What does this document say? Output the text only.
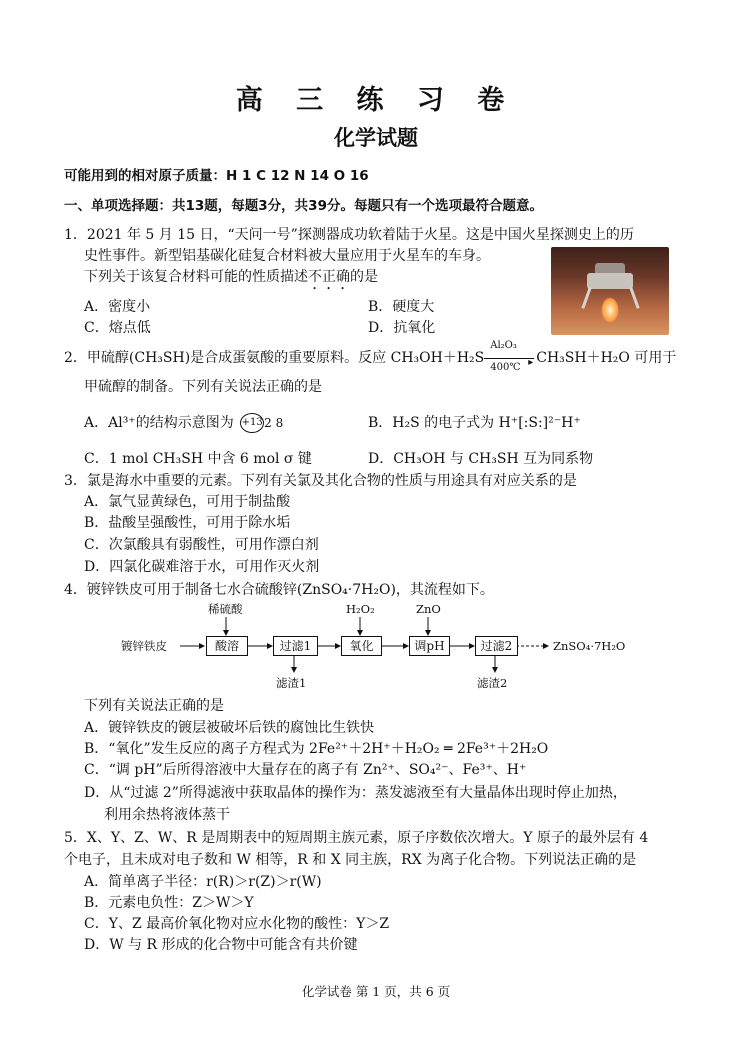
高 三 练 习 卷
化学试题
可能用到的相对原子质量：H 1 C 12 N 14 O 16
一、单项选择题：共13题，每题3分，共39分。每题只有一个选项最符合题意。
1．2021 年 5 月 15 日，“天问一号”探测器成功软着陆于火星。这是中国火星探测史上的历
史性事件。新型铝基碳化硅复合材料被大量应用于火星车的车身。
下列关于该复合材料可能的性质描述不正确的是
A．密度小	B．硬度大
C．熔点低	D．抗氧化
2．甲硫醇(CH₃SH)是合成蛋氨酸的重要原料。反应 CH₃OH＋H₂S
Al₂O₃
▸
400℃
CH₃SH＋H₂O 可用于
甲硫醇的制备。下列有关说法正确的是
A．Al³⁺的结构示意图为 +13 2 8	B．H₂S 的电子式为 H⁺[:S:]²⁻H⁺
C．1 mol CH₃SH 中含 6 mol σ 键	D．CH₃OH 与 CH₃SH 互为同系物
3．氯是海水中重要的元素。下列有关氯及其化合物的性质与用途具有对应关系的是
A．氯气显黄绿色，可用于制盐酸
B．盐酸呈强酸性，可用于除水垢
C．次氯酸具有弱酸性，可用作漂白剂
D．四氯化碳难溶于水，可用作灭火剂
4．镀锌铁皮可用于制备七水合硫酸锌(ZnSO₄·7H₂O)，其流程如下。
镀锌铁皮
稀硫酸	H₂O₂	ZnO
酸溶	过滤1	氧化	调pH	过滤2	ZnSO₄·7H₂O
滤渣1	滤渣2
下列有关说法正确的是
A．镀锌铁皮的镀层被破坏后铁的腐蚀比生铁快
B．“氧化”发生反应的离子方程式为 2Fe²⁺＋2H⁺＋H₂O₂ ═ 2Fe³⁺＋2H₂O
C．“调 pH”后所得溶液中大量存在的离子有 Zn²⁺、SO₄²⁻、Fe³⁺、H⁺
D．从“过滤 2”所得滤液中获取晶体的操作为：蒸发滤液至有大量晶体出现时停止加热，
利用余热将液体蒸干
5．X、Y、Z、W、R 是周期表中的短周期主族元素，原子序数依次增大。Y 原子的最外层有 4
个电子，且未成对电子数和 W 相等，R 和 X 同主族，RX 为离子化合物。下列说法正确的是
A．简单离子半径：r(R)＞r(Z)＞r(W)
B．元素电负性：Z＞W＞Y
C．Y、Z 最高价氧化物对应水化物的酸性：Y＞Z
D．W 与 R 形成的化合物中可能含有共价键
化学试卷 第 1 页，共 6 页
